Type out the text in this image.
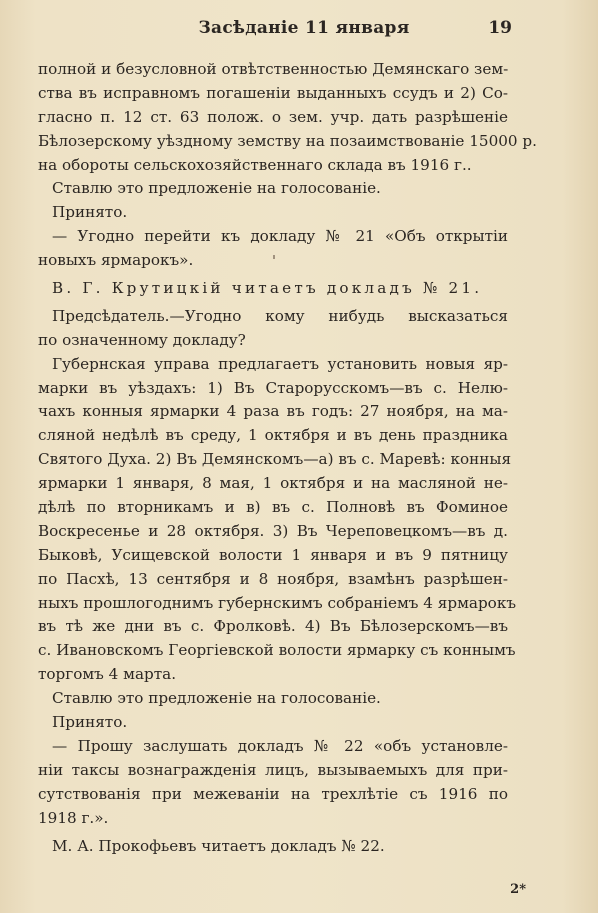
Засѣданіе 11 января	19
полной и безусловной отвѣтственностью Демянскаго зем-
ства въ исправномъ погашеніи выданныхъ ссудъ и 2) Со-
гласно п. 12 ст. 63 полож. о зем. учр. дать разрѣшеніе
Бѣлозерскому уѣздному земству на позаимствованіе 15000 р.
на обороты сельскохозяйственнаго склада въ 1916 г..
Ставлю это предложеніе на голосованіе.
Принято.
— Угодно перейти къ докладу № 21 «Объ открытіи
новыхъ ярмарокъ».
В. Г. Крутицкій читаетъ докладъ № 21.
Предсѣдатель.—Угодно кому нибудь высказаться
по означенному докладу?
Губернская управа предлагаетъ установить новыя яр-
марки въ уѣздахъ: 1) Въ Старорусскомъ—въ с. Нелю-
чахъ конныя ярмарки 4 раза въ годъ: 27 ноября, на ма-
сляной недѣлѣ въ среду, 1 октября и въ день праздника
Святого Духа. 2) Въ Демянскомъ—а) въ с. Маревѣ: конныя
ярмарки 1 января, 8 мая, 1 октября и на масляной не-
дѣлѣ по вторникамъ и в) въ с. Полновѣ въ Фоминое
Воскресенье и 28 октября. 3) Въ Череповецкомъ—въ д.
Быковѣ, Усищевской волости 1 января и въ 9 пятницу
по Пасхѣ, 13 сентября и 8 ноября, взамѣнъ разрѣшен-
ныхъ прошлогоднимъ губернскимъ собраніемъ 4 ярмарокъ
въ тѣ же дни въ с. Фролковѣ. 4) Въ Бѣлозерскомъ—въ
с. Ивановскомъ Георгіевской волости ярмарку съ коннымъ
торгомъ 4 марта.
Ставлю это предложеніе на голосованіе.
Принято.
— Прошу заслушать докладъ № 22 «объ установле-
ніи таксы вознагражденія лицъ, вызываемыхъ для при-
сутствованія при межеваніи на трехлѣтіе съ 1916 по
1918 г.».
М. А. Прокофьевъ читаетъ докладъ № 22.
2*
